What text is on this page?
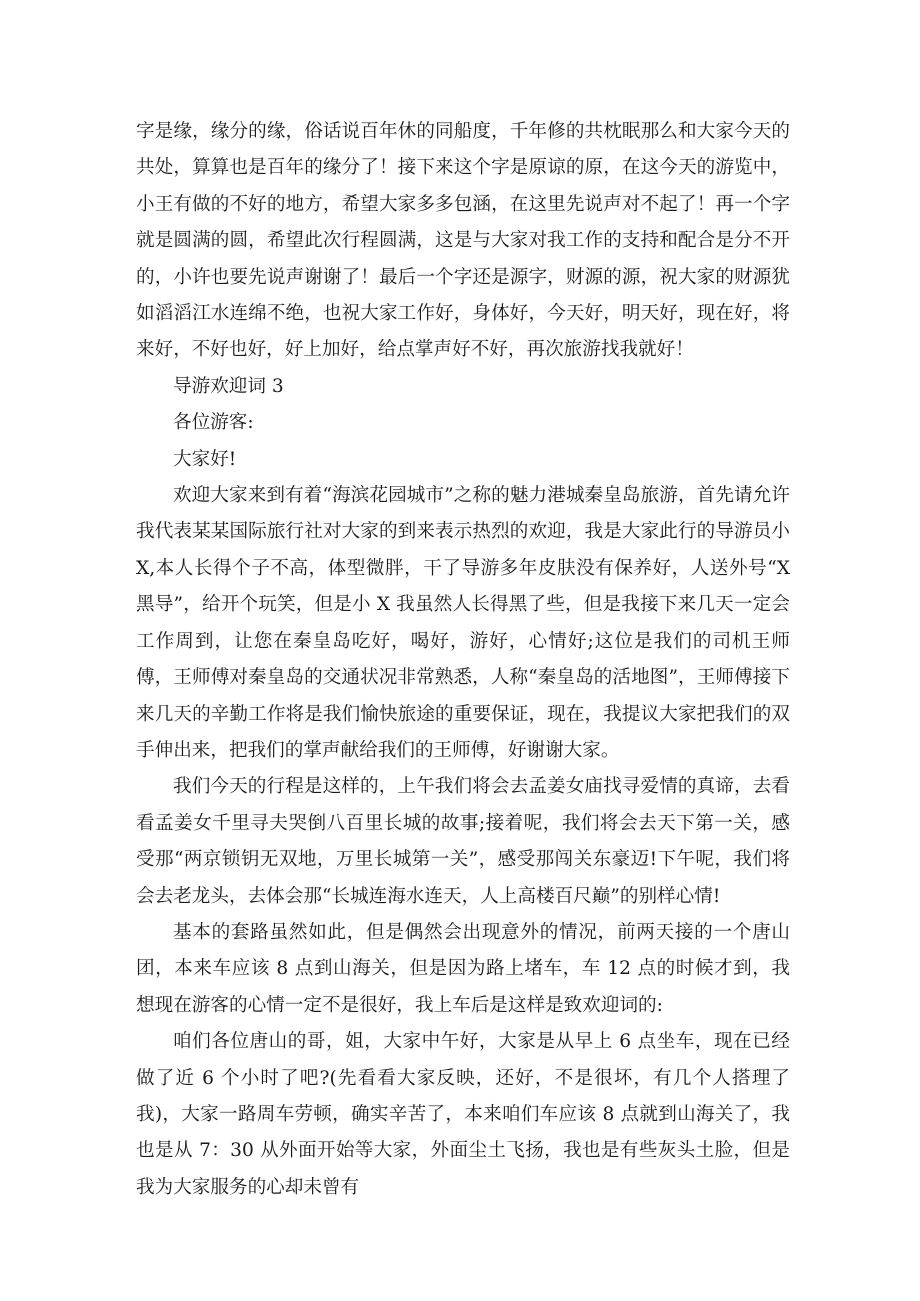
字是缘，缘分的缘，俗话说百年休的同船度，千年修的共枕眠那么和大家今天的共处，算算也是百年的缘分了！接下来这个字是原谅的原，在这今天的游览中，小王有做的不好的地方，希望大家多多包涵，在这里先说声对不起了！再一个字就是圆满的圆，希望此次行程圆满，这是与大家对我工作的支持和配合是分不开的，小许也要先说声谢谢了！最后一个字还是源字，财源的源，祝大家的财源犹如滔滔江水连绵不绝，也祝大家工作好，身体好，今天好，明天好，现在好，将来好，不好也好，好上加好，给点掌声好不好，再次旅游找我就好！

导游欢迎词 3

各位游客:

大家好!

欢迎大家来到有着“海滨花园城市”之称的魅力港城秦皇岛旅游，首先请允许我代表某某国际旅行社对大家的到来表示热烈的欢迎，我是大家此行的导游员小 X,本人长得个子不高，体型微胖，干了导游多年皮肤没有保养好，人送外号“X 黑导”，给开个玩笑，但是小 X 我虽然人长得黑了些，但是我接下来几天一定会工作周到，让您在秦皇岛吃好，喝好，游好，心情好;这位是我们的司机王师傅，王师傅对秦皇岛的交通状况非常熟悉，人称“秦皇岛的活地图”，王师傅接下来几天的辛勤工作将是我们愉快旅途的重要保证，现在，我提议大家把我们的双手伸出来，把我们的掌声献给我们的王师傅，好谢谢大家。

我们今天的行程是这样的，上午我们将会去孟姜女庙找寻爱情的真谛，去看看孟姜女千里寻夫哭倒八百里长城的故事;接着呢，我们将会去天下第一关，感受那“两京锁钥无双地，万里长城第一关”，感受那闯关东豪迈!下午呢，我们将会去老龙头，去体会那“长城连海水连天，人上高楼百尺巅”的别样心情!

基本的套路虽然如此，但是偶然会出现意外的情况，前两天接的一个唐山团，本来车应该 8 点到山海关，但是因为路上堵车，车 12 点的时候才到，我想现在游客的心情一定不是很好，我上车后是这样是致欢迎词的:

咱们各位唐山的哥，姐，大家中午好，大家是从早上 6 点坐车，现在已经做了近 6 个小时了吧?(先看看大家反映，还好，不是很坏，有几个人搭理了我)，大家一路周车劳顿，确实辛苦了，本来咱们车应该 8 点就到山海关了，我也是从 7：30 从外面开始等大家，外面尘土飞扬，我也是有些灰头土脸，但是我为大家服务的心却未曾有
